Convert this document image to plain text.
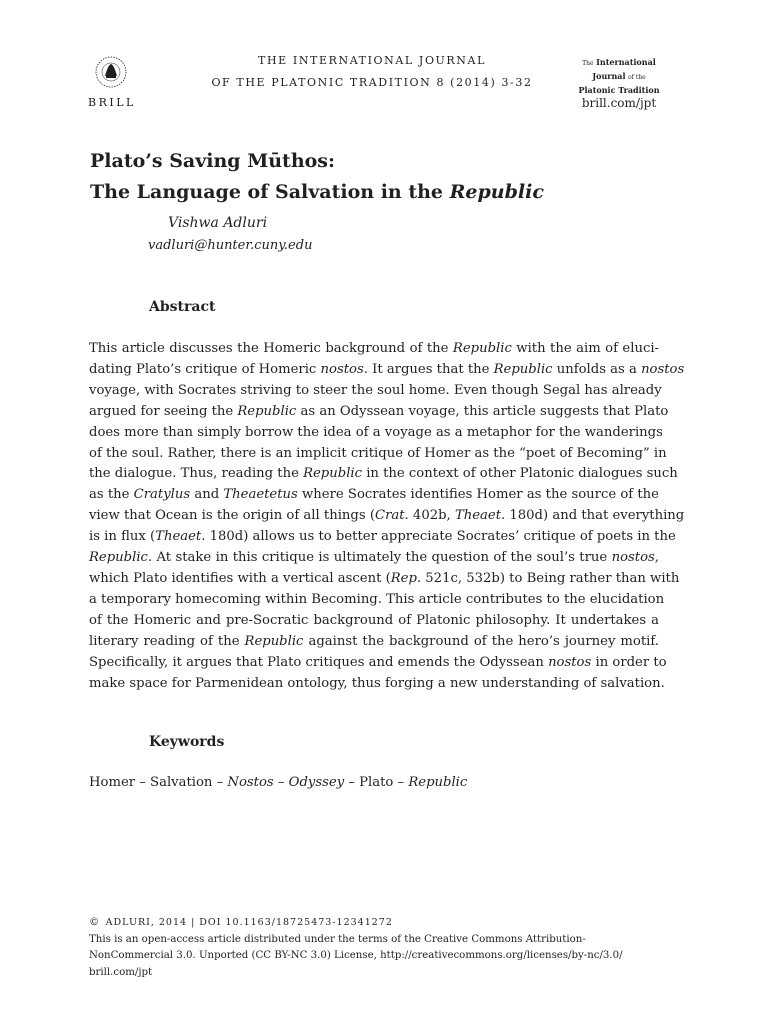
BRILL
THE INTERNATIONAL JOURNAL
OF THE PLATONIC TRADITION 8 (2014) 3-32
The International
Journal of the
Platonic Tradition
brill.com/jpt
Plato’s Saving Mūthos:
The Language of Salvation in the Republic
Vishwa Adluri
vadluri@hunter.cuny.edu
Abstract
This article discusses the Homeric background of the Republic with the aim of eluci-
dating Plato’s critique of Homeric nostos. It argues that the Republic unfolds as a nostos
voyage, with Socrates striving to steer the soul home. Even though Segal has already
argued for seeing the Republic as an Odyssean voyage, this article suggests that Plato
does more than simply borrow the idea of a voyage as a metaphor for the wanderings
of the soul. Rather, there is an implicit critique of Homer as the “poet of Becoming” in
the dialogue. Thus, reading the Republic in the context of other Platonic dialogues such
as the Cratylus and Theaetetus where Socrates identifies Homer as the source of the
view that Ocean is the origin of all things (Crat. 402b, Theaet. 180d) and that everything
is in flux (Theaet. 180d) allows us to better appreciate Socrates’ critique of poets in the
Republic. At stake in this critique is ultimately the question of the soul’s true nostos,
which Plato identifies with a vertical ascent (Rep. 521c, 532b) to Being rather than with
a temporary homecoming within Becoming. This article contributes to the elucidation
of the Homeric and pre-Socratic background of Platonic philosophy. It undertakes a
literary reading of the Republic against the background of the hero’s journey motif.
Specifically, it argues that Plato critiques and emends the Odyssean nostos in order to
make space for Parmenidean ontology, thus forging a new understanding of salvation.
Keywords
Homer – Salvation – Nostos – Odyssey – Plato – Republic
© ADLURI, 2014 | DOI 10.1163/18725473-12341272
This is an open-access article distributed under the terms of the Creative Commons Attribution-
NonCommercial 3.0. Unported (CC BY-NC 3.0) License, http://creativecommons.org/licenses/by-nc/3.0/
brill.com/jpt
